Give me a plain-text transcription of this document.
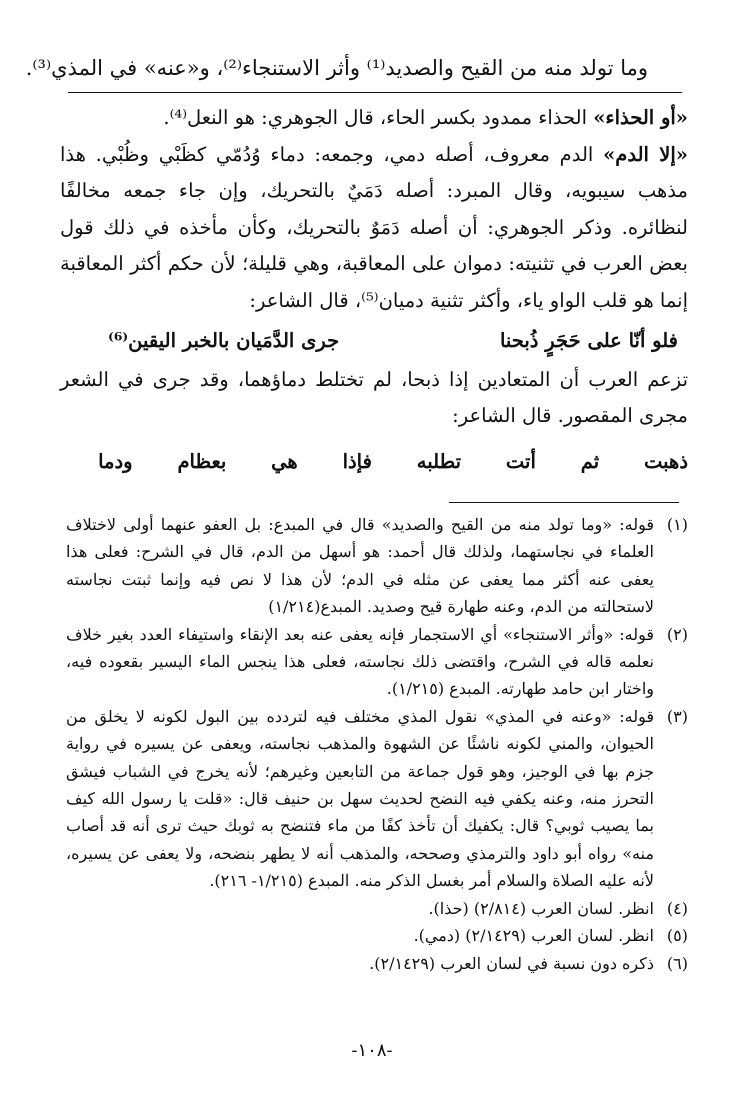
وما تولد منه من القيح والصديد⁽¹⁾ وأثر الاستنجاء⁽²⁾، و«عنه» في المذي⁽³⁾.

«أو الحذاء» الحذاء ممدود بكسر الحاء، قال الجوهري: هو النعل⁽⁴⁾.

«إلا الدم» الدم معروف، أصله دمي، وجمعه: دماء وُدُمّي كظَبْي وظُبْي. هذا مذهب سيبويه، وقال المبرد: أصله دَمَيٌ بالتحريك، وإن جاء جمعه مخالفًا لنظائره. وذكر الجوهري: أن أصله دَمَوٌ بالتحريك، وكأن مأخذه في ذلك قول بعض العرب في تثنيته: دموان على المعاقبة، وهي قليلة؛ لأن حكم أكثر المعاقبة إنما هو قلب الواو ياء، وأكثر تثنية دميان⁽⁵⁾، قال الشاعر:

فلو أنّا على حَجَرٍ ذُبحنا
جرى الدَّمَيان بالخبر اليقين⁽⁶⁾

تزعم العرب أن المتعادين إذا ذبحا، لم تختلط دماؤهما، وقد جرى في الشعر مجرى المقصور. قال الشاعر:

ذهبت
ثم
أتت
تطلبه
فإذا
هي
بعظام
ودما
(١)
قوله: «وما تولد منه من القيح والصديد» قال في المبدع: بل العفو عنهما أولى لاختلاف العلماء في نجاستهما، ولذلك قال أحمد: هو أسهل من الدم، قال في الشرح: فعلى هذا يعفى عنه أكثر مما يعفى عن مثله في الدم؛ لأن هذا لا نص فيه وإنما ثبتت نجاسته لاستحالته من الدم، وعنه طهارة قيح وصديد. المبدع(١/٢١٤)
(٢)
قوله: «وأثر الاستنجاء» أي الاستجمار فإنه يعفى عنه بعد الإنقاء واستيفاء العدد بغير خلاف نعلمه قاله في الشرح، واقتضى ذلك نجاسته، فعلى هذا ينجس الماء اليسير بقعوده فيه، واختار ابن حامد طهارته. المبدع (١/٢١٥).
(٣)
قوله: «وعنه في المذي» نقول المذي مختلف فيه لتردده بين البول لكونه لا يخلق من الحيوان، والمني لكونه ناشئًا عن الشهوة والمذهب نجاسته، ويعفى عن يسيره في رواية جزم بها في الوجيز، وهو قول جماعة من التابعين وغيرهم؛ لأنه يخرج في الشباب فيشق التحرز منه، وعنه يكفي فيه النضح لحديث سهل بن حنيف قال: «قلت يا رسول الله كيف بما يصيب ثوبي؟ قال: يكفيك أن تأخذ كفًا من ماء فتنضح به ثوبك حيث ترى أنه قد أصاب منه» رواه أبو داود والترمذي وصححه، والمذهب أنه لا يطهر بنضحه، ولا يعفى عن يسيره، لأنه عليه الصلاة والسلام أمر بغسل الذكر منه. المبدع (١/٢١٥- ٢١٦).
(٤)
انظر. لسان العرب (٢/٨١٤) (حذا).
(٥)
انظر. لسان العرب (٢/١٤٢٩) (دمي).
(٦)
ذكره دون نسبة في لسان العرب (٢/١٤٢٩).
-١٠٨-
